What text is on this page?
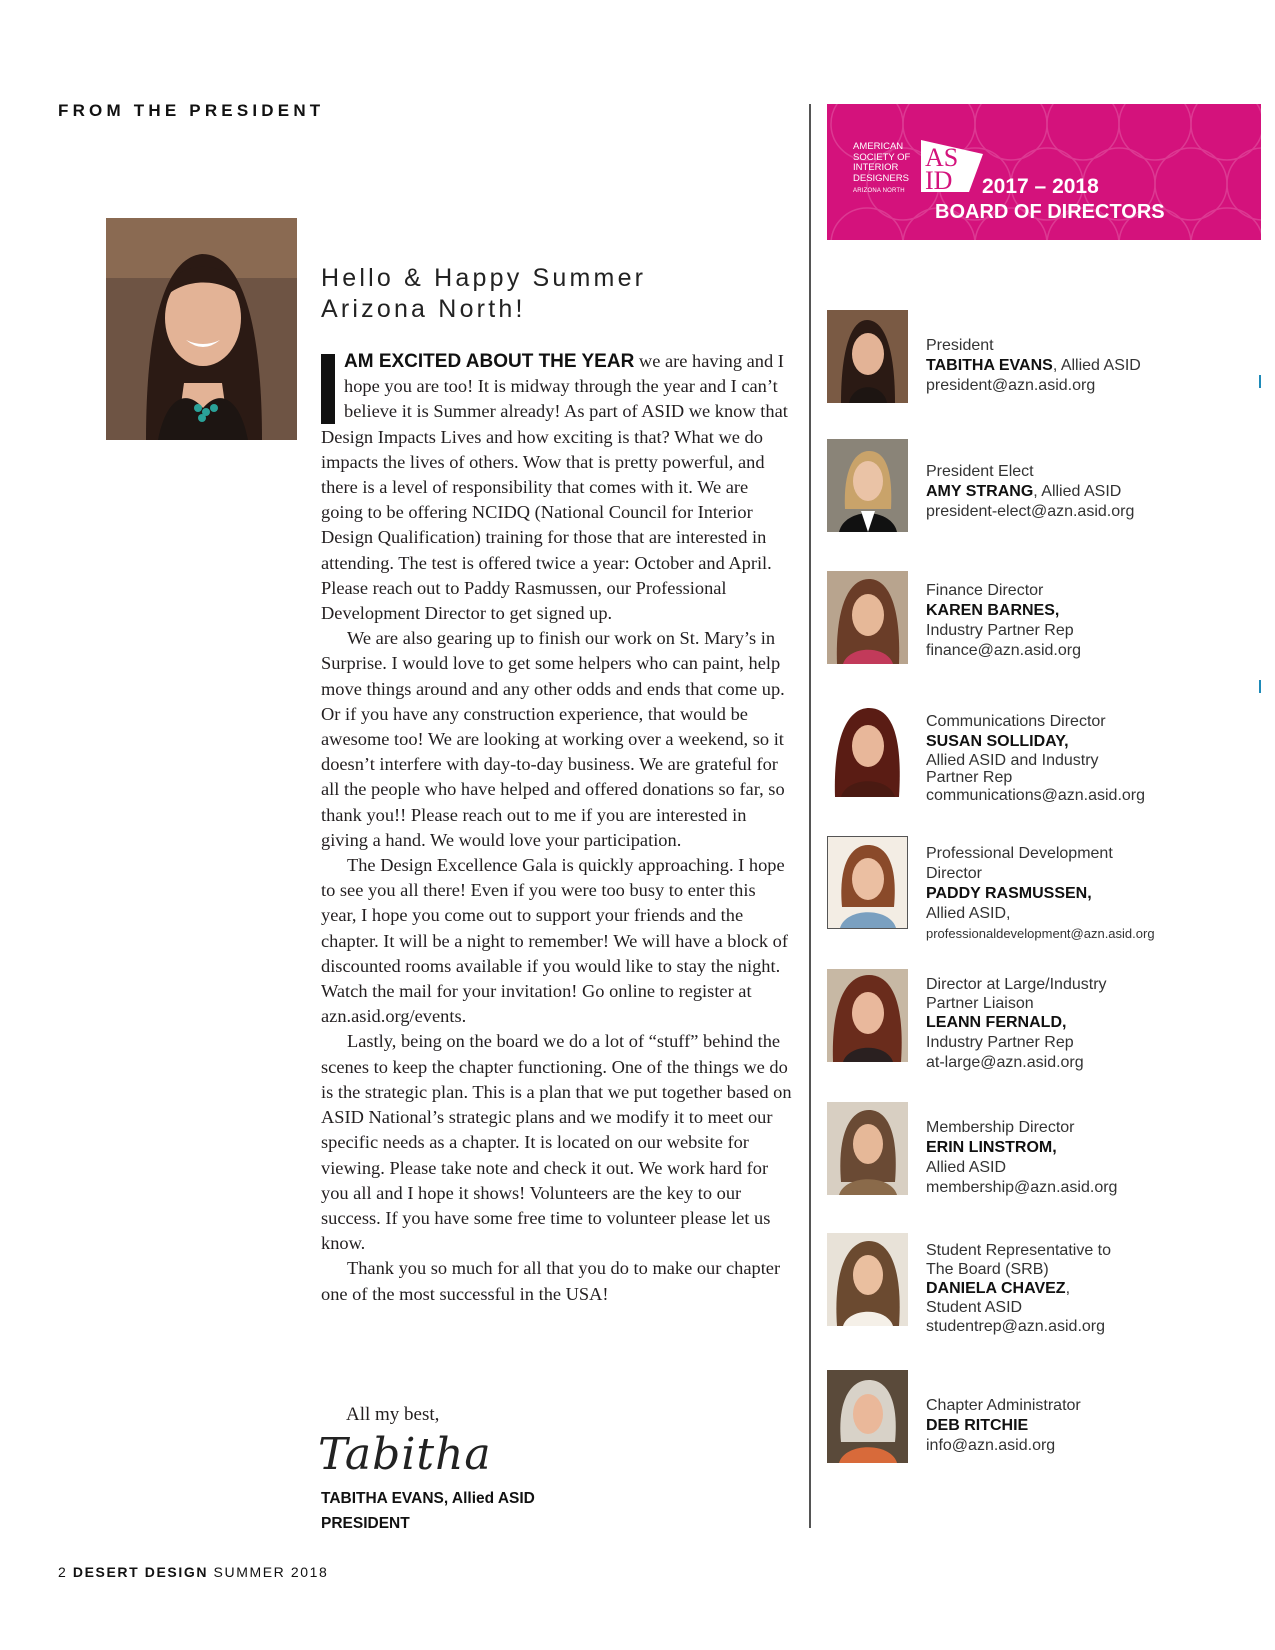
FROM THE PRESIDENT
Hello & Happy Summer
Arizona North!

AM EXCITED ABOUT THE YEAR we are having and I hope you are too! It is midway through the year and I can’t believe it is Summer already! As part of ASID we know that Design Impacts Lives and how exciting is that? What we do impacts the lives of others. Wow that is pretty powerful, and there is a level of responsibility that comes with it. We are going to be offering NCIDQ (National Council for Interior Design Qualification) training for those that are interested in attending. The test is offered twice a year: October and April. Please reach out to Paddy Rasmussen, our Professional Development Director to get signed up.

We are also gearing up to finish our work on St. Mary’s in Surprise. I would love to get some helpers who can paint, help move things around and any other odds and ends that come up. Or if you have any construction experience, that would be awesome too! We are looking at working over a weekend, so it doesn’t interfere with day-to-day business. We are grateful for all the people who have helped and offered donations so far, so thank you!! Please reach out to me if you are interested in giving a hand. We would love your participation.

The Design Excellence Gala is quickly approaching. I hope to see you all there! Even if you were too busy to enter this year, I hope you come out to support your friends and the chapter. It will be a night to remember! We will have a block of discounted rooms available if you would like to stay the night. Watch the mail for your invitation! Go online to register at azn.asid.org/events.

Lastly, being on the board we do a lot of “stuff” behind the scenes to keep the chapter functioning. One of the things we do is the strategic plan. This is a plan that we put together based on ASID National’s strategic plans and we modify it to meet our specific needs as a chapter. It is located on our website for viewing. Please take note and check it out. We work hard for you all and I hope it shows! Volunteers are the key to our success. If you have some free time to volunteer please let us know.

Thank you so much for all that you do to make our chapter one of the most successful in the USA!

All my best,
Tabitha
TABITHA EVANS, Allied ASID
PRESIDENT
2 DESERT DESIGN SUMMER 2018
AMERICAN
SOCIETY OF
INTERIOR
DESIGNERS
ARIZONA NORTH
AS
ID 2017 – 2018
BOARD OF DIRECTORS
President
TABITHA EVANS, Allied ASID
president@azn.asid.org
President Elect
AMY STRANG, Allied ASID
president-elect@azn.asid.org
Finance Director
KAREN BARNES,
Industry Partner Rep
finance@azn.asid.org
Communications Director
SUSAN SOLLIDAY,
Allied ASID and Industry Partner Rep
communications@azn.asid.org
Professional Development Director
PADDY RASMUSSEN,
Allied ASID,
professionaldevelopment@azn.asid.org
Director at Large/Industry Partner Liaison
LEANN FERNALD,
Industry Partner Rep
at-large@azn.asid.org
Membership Director
ERIN LINSTROM,
Allied ASID
membership@azn.asid.org
Student Representative to The Board (SRB)
DANIELA CHAVEZ,
Student ASID
studentrep@azn.asid.org
Chapter Administrator
DEB RITCHIE
info@azn.asid.org
